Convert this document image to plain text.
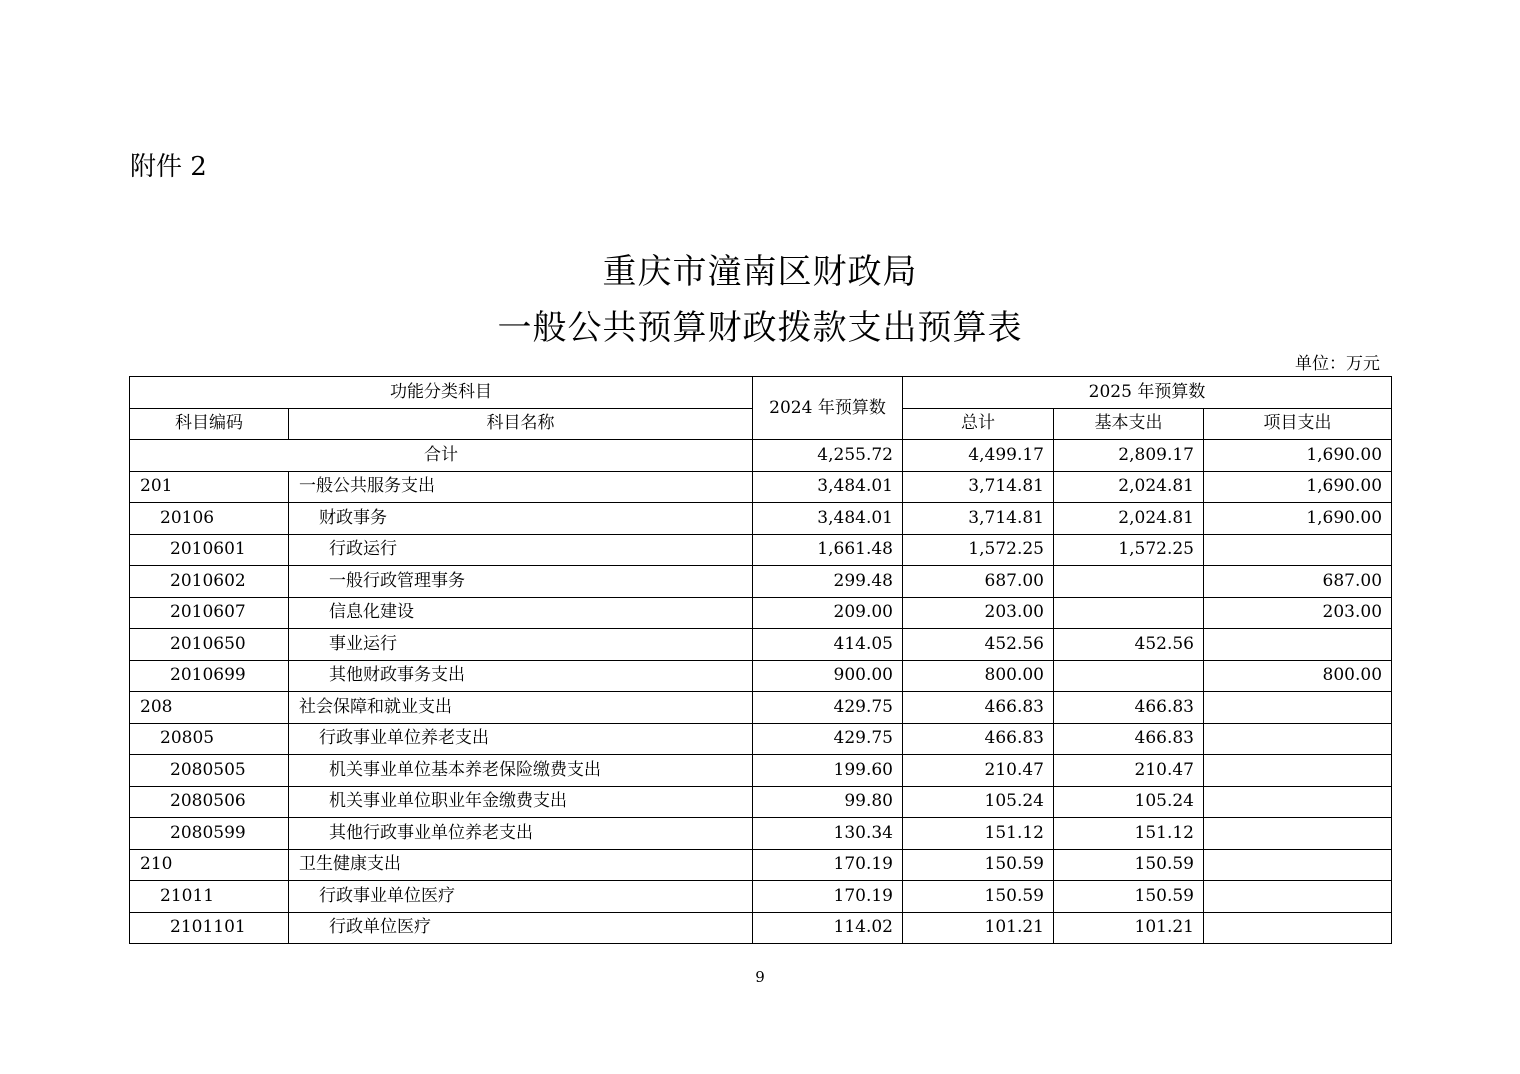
附件 2
重庆市潼南区财政局
一般公共预算财政拨款支出预算表
单位：万元
功能分类科目		2024 年预算数	2025 年预算数		
科目编码	科目名称		总计	基本支出	项目支出
合计		4,255.72	4,499.17	2,809.17	1,690.00
201	一般公共服务支出	3,484.01	3,714.81	2,024.81	1,690.00
20106	财政事务	3,484.01	3,714.81	2,024.81	1,690.00
2010601	行政运行	1,661.48	1,572.25	1,572.25	
2010602	一般行政管理事务	299.48	687.00		687.00
2010607	信息化建设	209.00	203.00		203.00
2010650	事业运行	414.05	452.56	452.56	
2010699	其他财政事务支出	900.00	800.00		800.00
208	社会保障和就业支出	429.75	466.83	466.83	
20805	行政事业单位养老支出	429.75	466.83	466.83	
2080505	机关事业单位基本养老保险缴费支出	199.60	210.47	210.47	
2080506	机关事业单位职业年金缴费支出	99.80	105.24	105.24	
2080599	其他行政事业单位养老支出	130.34	151.12	151.12	
210	卫生健康支出	170.19	150.59	150.59	
21011	行政事业单位医疗	170.19	150.59	150.59	
2101101	行政单位医疗	114.02	101.21	101.21	
9
